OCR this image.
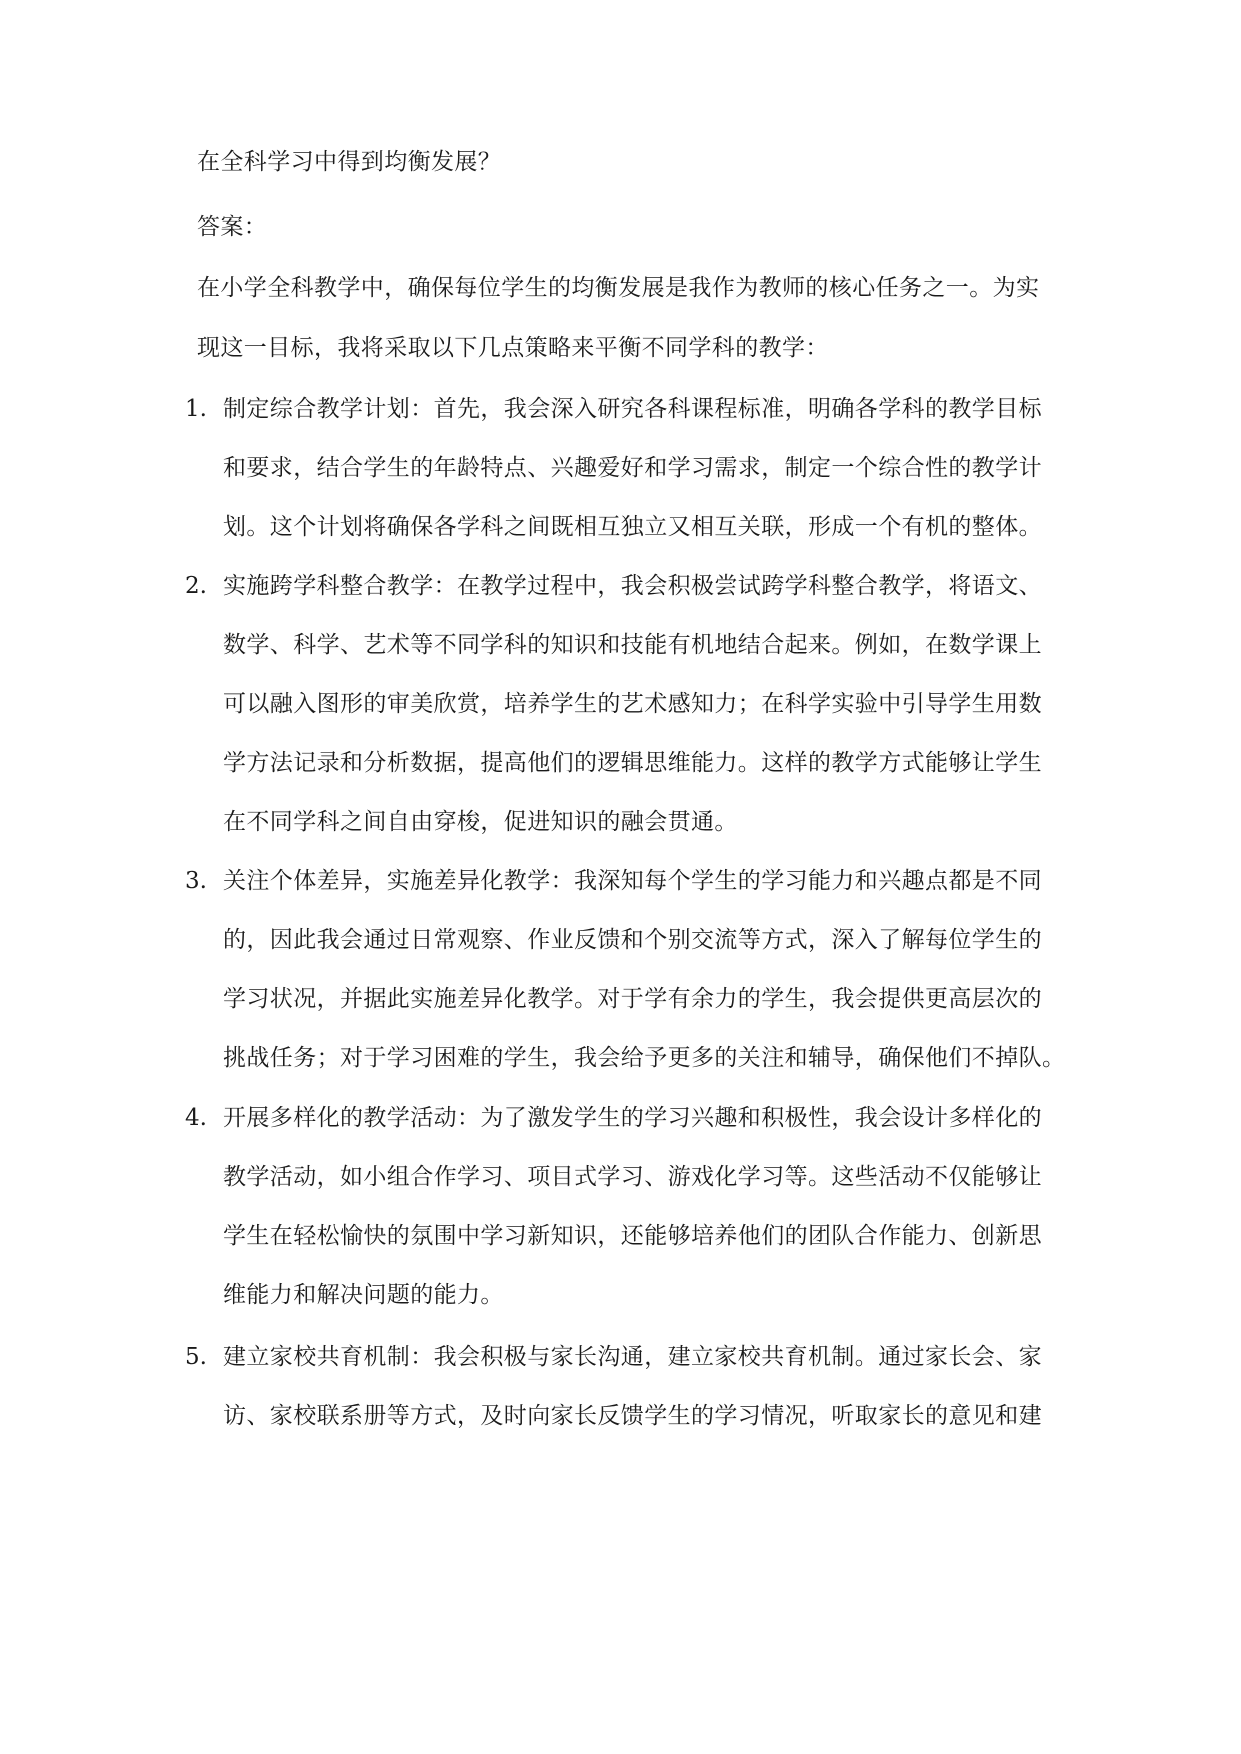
在全科学习中得到均衡发展？
答案：
在小学全科教学中，确保每位学生的均衡发展是我作为教师的核心任务之一。为实
现这一目标，我将采取以下几点策略来平衡不同学科的教学：
1. 制定综合教学计划：首先，我会深入研究各科课程标准，明确各学科的教学目标
和要求，结合学生的年龄特点、兴趣爱好和学习需求，制定一个综合性的教学计
划。这个计划将确保各学科之间既相互独立又相互关联，形成一个有机的整体。
2. 实施跨学科整合教学：在教学过程中，我会积极尝试跨学科整合教学，将语文、
数学、科学、艺术等不同学科的知识和技能有机地结合起来。例如，在数学课上
可以融入图形的审美欣赏，培养学生的艺术感知力；在科学实验中引导学生用数
学方法记录和分析数据，提高他们的逻辑思维能力。这样的教学方式能够让学生
在不同学科之间自由穿梭，促进知识的融会贯通。
3. 关注个体差异，实施差异化教学：我深知每个学生的学习能力和兴趣点都是不同
的，因此我会通过日常观察、作业反馈和个别交流等方式，深入了解每位学生的
学习状况，并据此实施差异化教学。对于学有余力的学生，我会提供更高层次的
挑战任务；对于学习困难的学生，我会给予更多的关注和辅导，确保他们不掉队。
4. 开展多样化的教学活动：为了激发学生的学习兴趣和积极性，我会设计多样化的
教学活动，如小组合作学习、项目式学习、游戏化学习等。这些活动不仅能够让
学生在轻松愉快的氛围中学习新知识，还能够培养他们的团队合作能力、创新思
维能力和解决问题的能力。
5. 建立家校共育机制：我会积极与家长沟通，建立家校共育机制。通过家长会、家
访、家校联系册等方式，及时向家长反馈学生的学习情况，听取家长的意见和建
